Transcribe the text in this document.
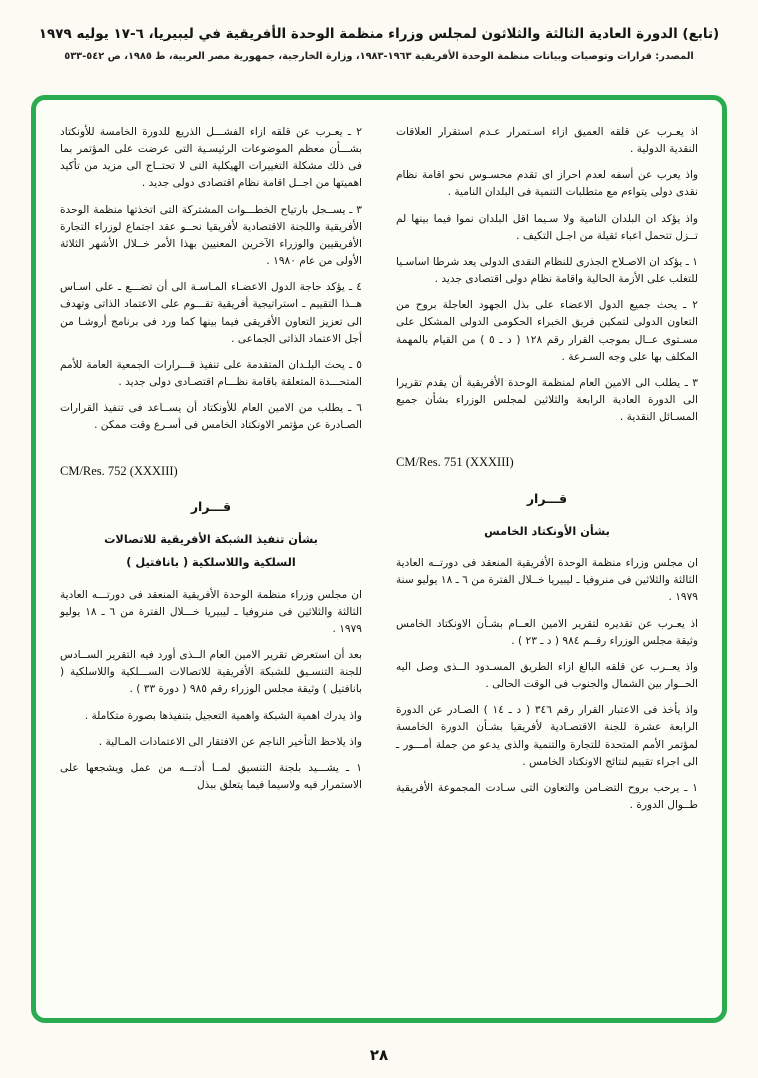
(تابع) الدورة العادية الثالثة والثلاثون لمجلس وزراء منظمة الوحدة الأفريقية في ليبيريا، ٦-١٧ يوليه ١٩٧٩
المصدر: قرارات وتوصيات وبيانات منظمة الوحدة الأفريقية ١٩٦٣-١٩٨٣، وزارة الخارجية، جمهورية مصر العربية، ط ١٩٨٥، ص ٥٤٢-٥٣٣

اذ يعـرب عن قلقه العميق ازاء اسـتمرار عـدم استقرار العلاقات النقدية الدولية .

واذ يعرب عن أسفه لعدم احراز اى تقدم محسـوس نحو اقامة نظام نقدى دولى يتواءم مع متطلبات التنمية فى البلدان النامية .

واذ يؤكد ان البلدان النامية ولا سـيما اقل البلدان نموا فيما بينها لم تــزل تتحمل اعباء ثقيلة من اجـل التكيف .

١ ـ يؤكد ان الاصـلاح الجذرى للنظام النقدى الدولى يعد شرطا اساسـيا للتغلب على الأزمة الحالية واقامة نظام دولى اقتصادى جديد .

٢ ـ يحث جميع الدول الاعضاء على بذل الجهود العاجلة بروح من التعاون الدولى لتمكين فريق الخبراء الحكومى الدولى المشكل على مسـتوى عــال بموجب القرار رقم ١٢٨ ( د ـ ٥ ) من القيام بالمهمة المكلف بها على وجه السـرعة .

٣ ـ يطلب الى الامين العام لمنظمة الوحدة الأفريقية أن يقدم تقريرا الى الدورة العادية الرابعة والثلاثين لمجلس الوزراء بشأن جميع المسـائل النقدية .

CM/Res. 751 (XXXIII)
قـــرار
بشأن الأونكتاد الخامس

ان مجلس وزراء منظمة الوحدة الأفريقية المنعقد فى دورتــه العادية الثالثة والثلاثين فى منروفيا ـ ليبيريا خــلال الفترة من ٦ ـ ١٨ يوليو سنة ١٩٧٩ .

اذ يعـرب عن تقديره لتقرير الامين العــام بشـأن الاونكتاد الخامس وثيقة مجلس الوزراء رقــم ٩٨٤ ( د ـ ٢٣ ) .

واذ يعــرب عن قلقه البالغ ازاء الطريق المسـدود الــذى وصل اليه الحــوار بين الشمال والجنوب فى الوقت الحالى .

واذ يأخذ فى الاعتبار القرار رقم ٣٤٦ ( د ـ ١٤ ) الصـادر عن الدورة الرابعة عشرة للجنة الاقتصـادية لأفريقيا بشـأن الدورة الخامسة لمؤتمر الأمم المتحدة للتجارة والتنمية والذى يدعو من جملة أمـــور ـ الى اجراء تقييم لنتائج الاونكتاد الخامس .

١ ـ يرحب بروح التضـامن والتعاون التى سـادت المجموعة الأفريقية طــوال الدورة .

٢ ـ يعـرب عن قلقه ازاء الفشـــل الذريع للدورة الخامسة للأونكتاد بشـــأن معظم الموضوعات الرئيسـية التى عرضت على المؤتمر بما فى ذلك مشكلة التغييرات الهيكلية التى لا تحتــاج الى مزيد من تأكيد اهميتها من اجــل اقامة نظام اقتصادى دولى جديد .

٣ ـ يســجل بارتياح الخطـــوات المشتركة التى اتخذتها منظمة الوحدة الأفريقية واللجنة الاقتصادية لأفريقيا نحــو عقد اجتماع لوزراء التجارة الأفريقيين والوزراء الآخرين المعنيين بهذا الأمر خــلال الأشهر الثلاثة الأولى من عام ١٩٨٠ .

٤ ـ يؤكد حاجة الدول الاعضـاء المـاسـة الى أن تضـــع ـ على اسـاس هــذا التقييم ـ استراتيجية أفريقية تقـــوم على الاعتماد الذاتى وتهدف الى تعزيز التعاون الأفريقى فيما بينها كما ورد فى برنامج أروشـا من أجل الاعتماد الذاتى الجماعى .

٥ ـ يحث البلـدان المتقدمة على تنفيذ قـــرارات الجمعية العامة للأمم المتحـــدة المتعلقة باقامة نظـــام اقتصـادى دولى جديد .

٦ ـ يطلب من الامين العام للأونكتاد أن يســاعد فى تنفيذ القرارات الصـادرة عن مؤتمر الاونكتاد الخامس فى أسـرع وقت ممكن .

CM/Res. 752 (XXXIII)
قـــرار
بشأن تنفيذ الشبكة الأفريقية للاتصالات
السلكية واللاسلكية ( بانافتيل )

ان مجلس وزراء منظمة الوحدة الأفريقية المنعقد فى دورتـــه العادية الثالثة والثلاثين فى منروفيا ـ ليبيريا خـــلال الفترة من ٦ ـ ١٨ يوليو ١٩٧٩ .

بعد أن استعرض تقرير الامين العام الــذى أورد فيه التقرير الســادس للجنة التنسـيق للشبكة الأفريقية للاتصالات الســـلكية واللاسلكية ( بانافتيل ) وثيقة مجلس الوزراء رقم ٩٨٥ ( دورة ٣٣ ) .

واذ يدرك اهمية الشبكة واهمية التعجيل بتنفيذها بصورة متكاملة .

واذ يلاحظ التأخير الناجم عن الافتقار الى الاعتمادات المـالية .

١ ـ يشـــيد بلجنة التنسيق لمــا أدتـــه من عمل ويشجعها على الاستمرار فيه ولاسيما فيما يتعلق ببذل

٢٨
